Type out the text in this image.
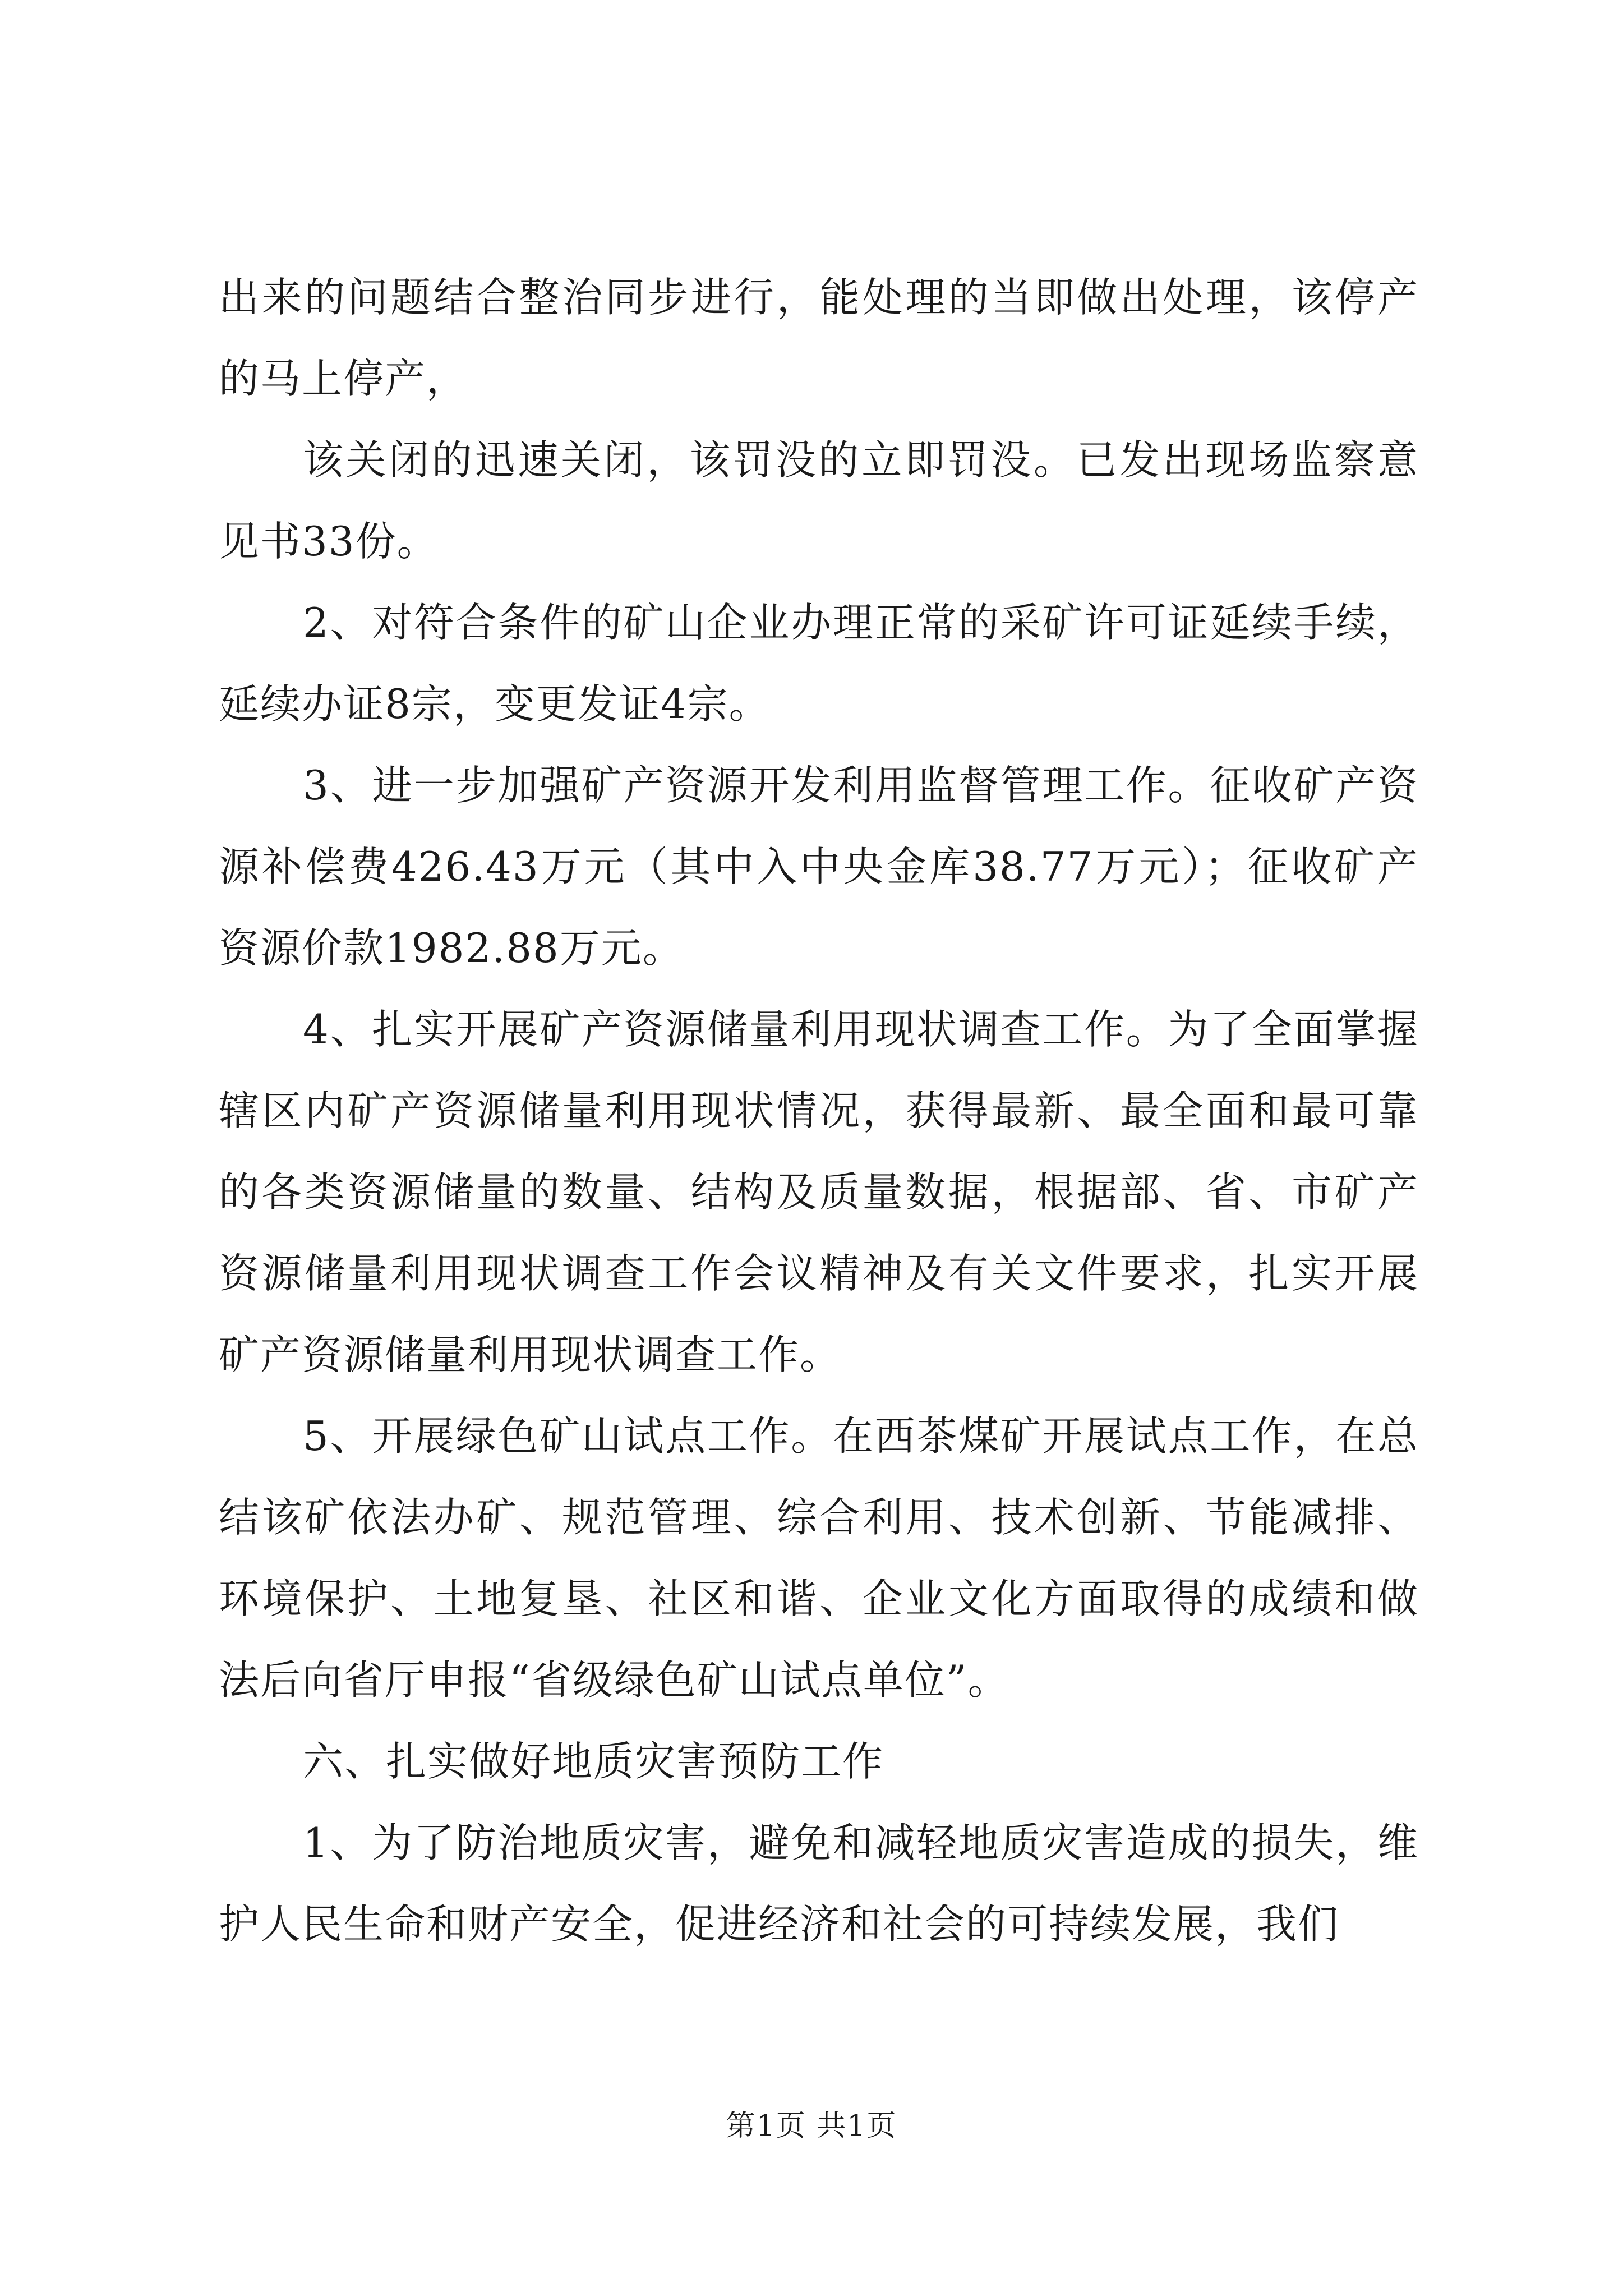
出来的问题结合整治同步进行，能处理的当即做出处理，该停产的马上停产，

该关闭的迅速关闭，该罚没的立即罚没。已发出现场监察意见书33份。

2、对符合条件的矿山企业办理正常的采矿许可证延续手续，延续办证8宗，变更发证4宗。

3、进一步加强矿产资源开发利用监督管理工作。征收矿产资源补偿费426.43万元（其中入中央金库38.77万元）；征收矿产资源价款1982.88万元。

4、扎实开展矿产资源储量利用现状调查工作。为了全面掌握辖区内矿产资源储量利用现状情况，获得最新、最全面和最可靠的各类资源储量的数量、结构及质量数据，根据部、省、市矿产资源储量利用现状调查工作会议精神及有关文件要求，扎实开展矿产资源储量利用现状调查工作。

5、开展绿色矿山试点工作。在西茶煤矿开展试点工作，在总结该矿依法办矿、规范管理、综合利用、技术创新、节能减排、环境保护、土地复垦、社区和谐、企业文化方面取得的成绩和做法后向省厅申报“省级绿色矿山试点单位”。

六、扎实做好地质灾害预防工作

1、为了防治地质灾害，避免和减轻地质灾害造成的损失，维护人民生命和财产安全，促进经济和社会的可持续发展，我们

第1页 共1页
